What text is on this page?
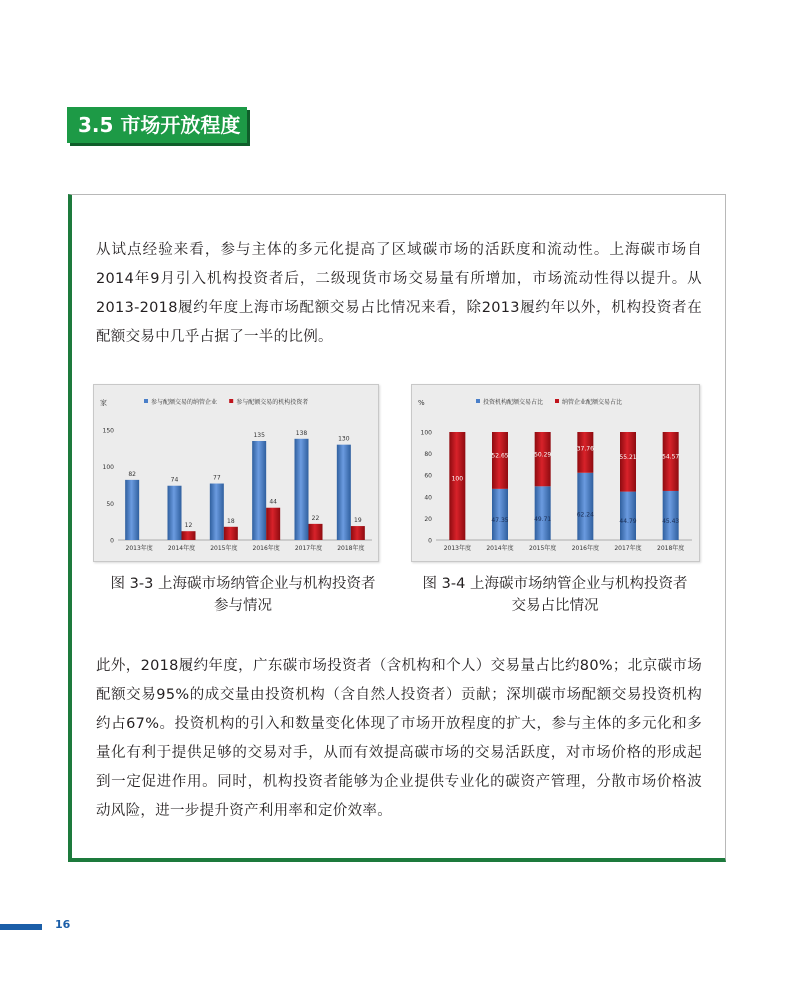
3.5 市场开放程度

从试点经验来看，参与主体的多元化提高了区域碳市场的活跃度和流动性。上海碳市场自2014年9月引入机构投资者后，二级现货市场交易量有所增加，市场流动性得以提升。从2013-2018履约年度上海市场配额交易占比情况来看，除2013履约年以外，机构投资者在配额交易中几乎占据了一半的比例。

参与配额交易的纳管企业	参与配额交易的机构投资者
家
0
50
100
150
2013年度	2014年度	2015年度	2016年度	2017年度	2018年度
82
74
12
77
18
135
44
138
22
130
19
投资机构配额交易占比	纳管企业配额交易占比
%
0
20
40
60
80
100
2013年度	2014年度	2015年度	2016年度	2017年度	2018年度
100
47.35
52.65
49.71
50.29
62.24
37.76
44.79
55.21
45.43
54.57
图 3-3 上海碳市场纳管企业与机构投资者
参与情况
图 3-4 上海碳市场纳管企业与机构投资者
交易占比情况

此外，2018履约年度，广东碳市场投资者（含机构和个人）交易量占比约80%；北京碳市场配额交易95%的成交量由投资机构（含自然人投资者）贡献；深圳碳市场配额交易投资机构约占67%。投资机构的引入和数量变化体现了市场开放程度的扩大，参与主体的多元化和多量化有利于提供足够的交易对手，从而有效提高碳市场的交易活跃度，对市场价格的形成起到一定促进作用。同时，机构投资者能够为企业提供专业化的碳资产管理，分散市场价格波动风险，进一步提升资产利用率和定价效率。

16
